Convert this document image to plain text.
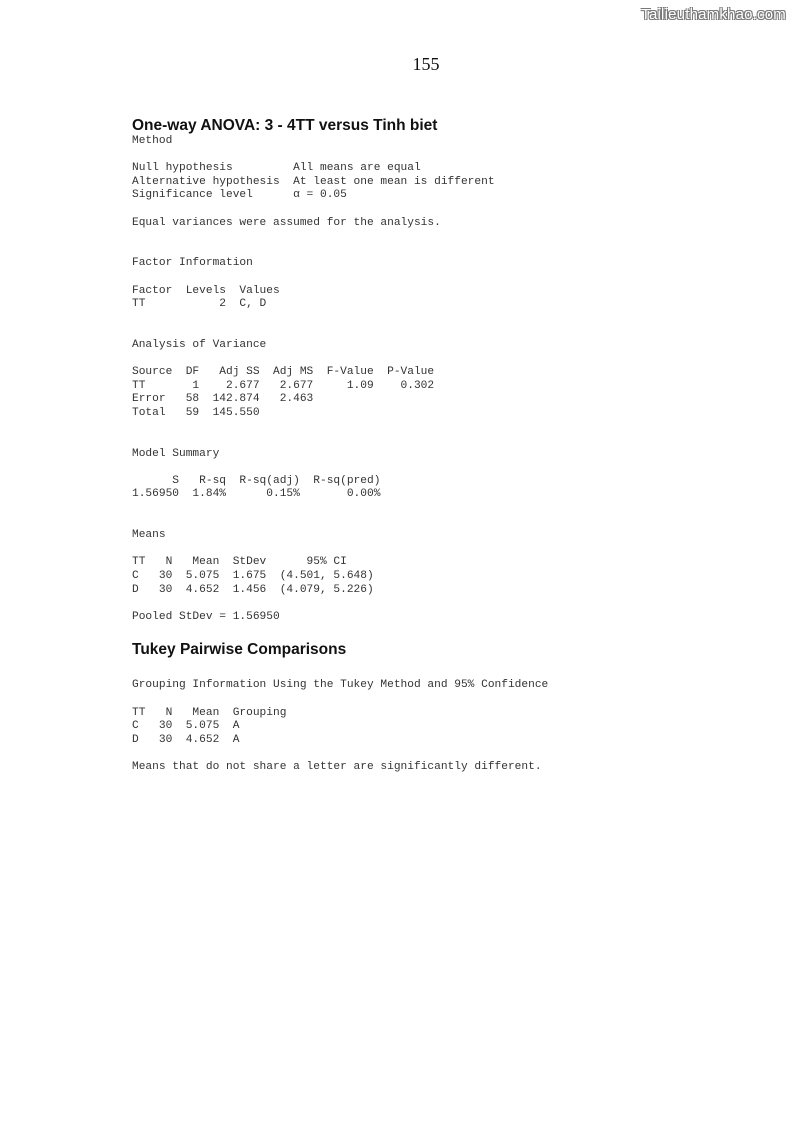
Tailieuthamkhao.com
155
One-way ANOVA: 3 - 4TT versus Tinh biet
Method
Null hypothesis         All means are equal
Alternative hypothesis  At least one mean is different
Significance level      α = 0.05
Equal variances were assumed for the analysis.
Factor Information
Factor  Levels  Values
TT           2  C, D
Analysis of Variance
Source  DF   Adj SS  Adj MS  F-Value  P-Value
TT       1    2.677   2.677     1.09    0.302
Error   58  142.874   2.463
Total   59  145.550
Model Summary
S   R-sq  R-sq(adj)  R-sq(pred)
1.56950  1.84%      0.15%       0.00%
Means
TT   N   Mean  StDev      95% CI
C   30  5.075  1.675  (4.501, 5.648)
D   30  4.652  1.456  (4.079, 5.226)
Pooled StDev = 1.56950
Tukey Pairwise Comparisons
Grouping Information Using the Tukey Method and 95% Confidence
TT   N   Mean  Grouping
C   30  5.075  A
D   30  4.652  A
Means that do not share a letter are significantly different.
